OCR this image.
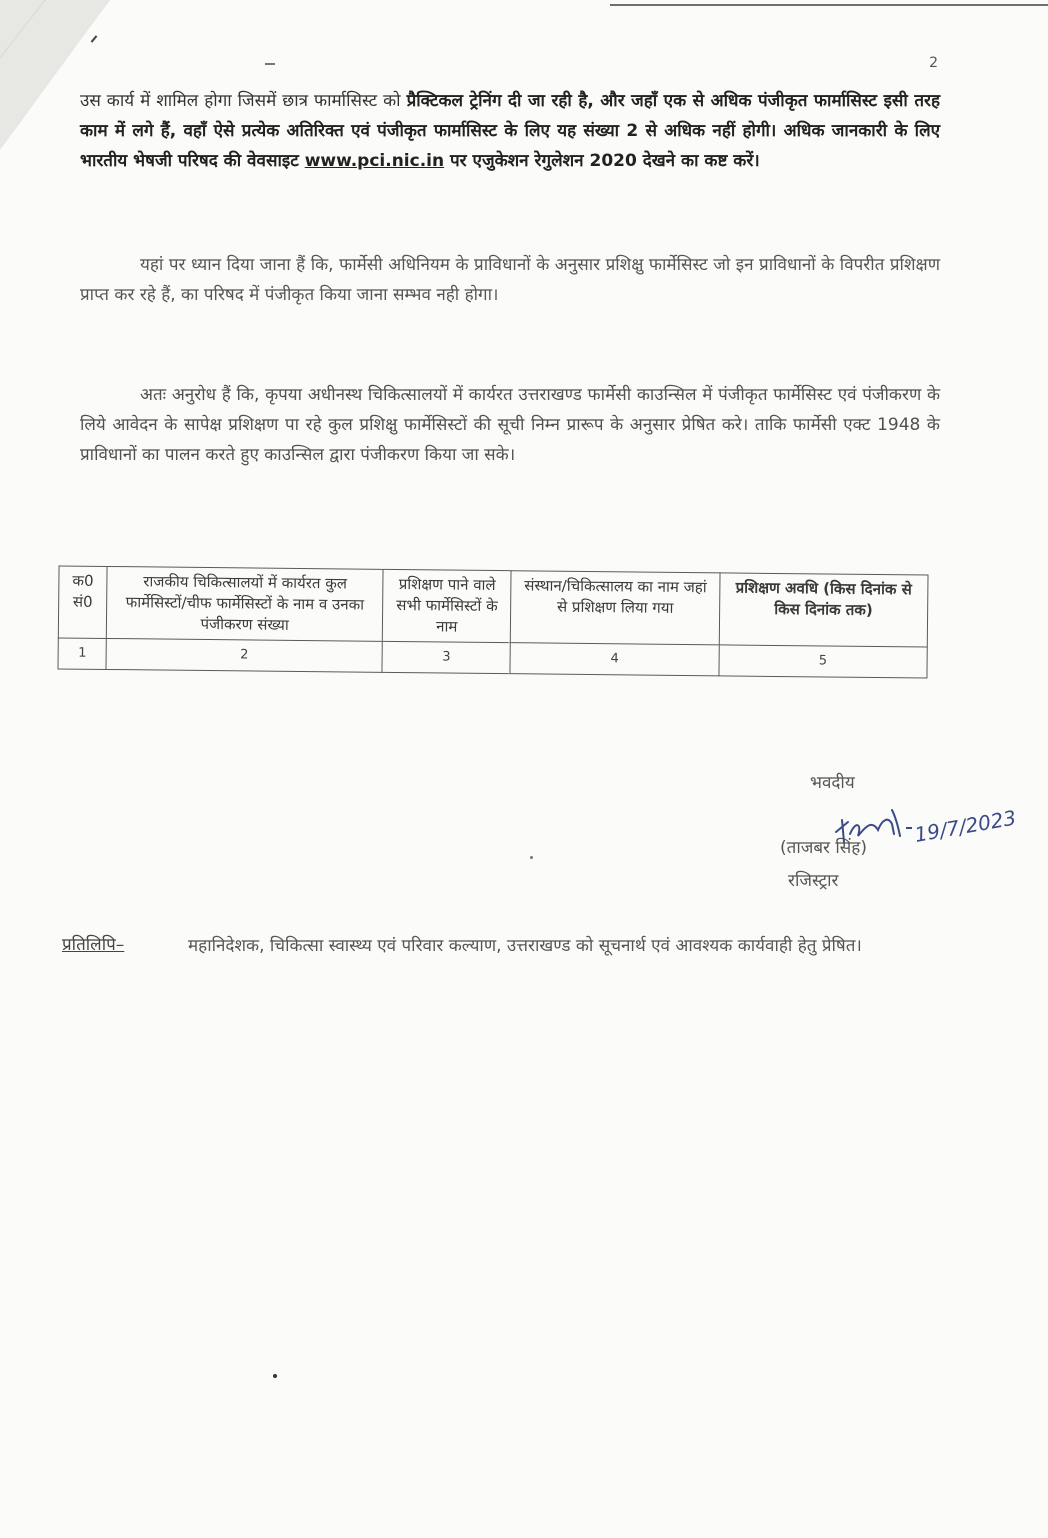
2

उस कार्य में शामिल होगा जिसमें छात्र फार्मासिस्ट को प्रैक्टिकल ट्रेनिंग दी जा रही है, और जहाँ एक से अधिक पंजीकृत फार्मासिस्ट इसी तरह काम में लगे हैं, वहाँ ऐसे प्रत्येक अतिरिक्त एवं पंजीकृत फार्मासिस्ट के लिए यह संख्या 2 से अधिक नहीं होगी। अधिक जानकारी के लिए भारतीय भेषजी परिषद की वेवसाइट www.pci.nic.in पर एजुकेशन रेगुलेशन 2020 देखने का कष्ट करें।

यहां पर ध्यान दिया जाना हैं कि, फार्मेसी अधिनियम के प्राविधानों के अनुसार प्रशिक्षु फार्मेसिस्ट जो इन प्राविधानों के विपरीत प्रशिक्षण प्राप्त कर रहे हैं, का परिषद में पंजीकृत किया जाना सम्भव नही होगा।

अतः अनुरोध हैं कि, कृपया अधीनस्थ चिकित्सालयों में कार्यरत उत्तराखण्ड फार्मेसी काउन्सिल में पंजीकृत फार्मेसिस्ट एवं पंजीकरण के लिये आवेदन के सापेक्ष प्रशिक्षण पा रहे कुल प्रशिक्षु फार्मेसिस्टों की सूची निम्न प्रारूप के अनुसार प्रेषित करे। ताकि फार्मेसी एक्ट 1948 के प्राविधानों का पालन करते हुए काउन्सिल द्वारा पंजीकरण किया जा सके।

क0 सं0	राजकीय चिकित्सालयों में कार्यरत कुल फार्मेसिस्टों/चीफ फार्मेसिस्टों के नाम व उनका पंजीकरण संख्या	प्रशिक्षण पाने वाले सभी फार्मेसिस्टों के नाम	संस्थान/चिकित्सालय का नाम जहां से प्रशिक्षण लिया गया	प्रशिक्षण अवधि (किस दिनांक से किस दिनांक तक)
1	2	3	4	5
भवदीय
19/7/2023
(ताजबर सिंह)
रजिस्ट्रार
प्रतिलिपि–	महानिदेशक, चिकित्सा स्वास्थ्य एवं परिवार कल्याण, उत्तराखण्ड को सूचनार्थ एवं आवश्यक कार्यवाही हेतु प्रेषित।
